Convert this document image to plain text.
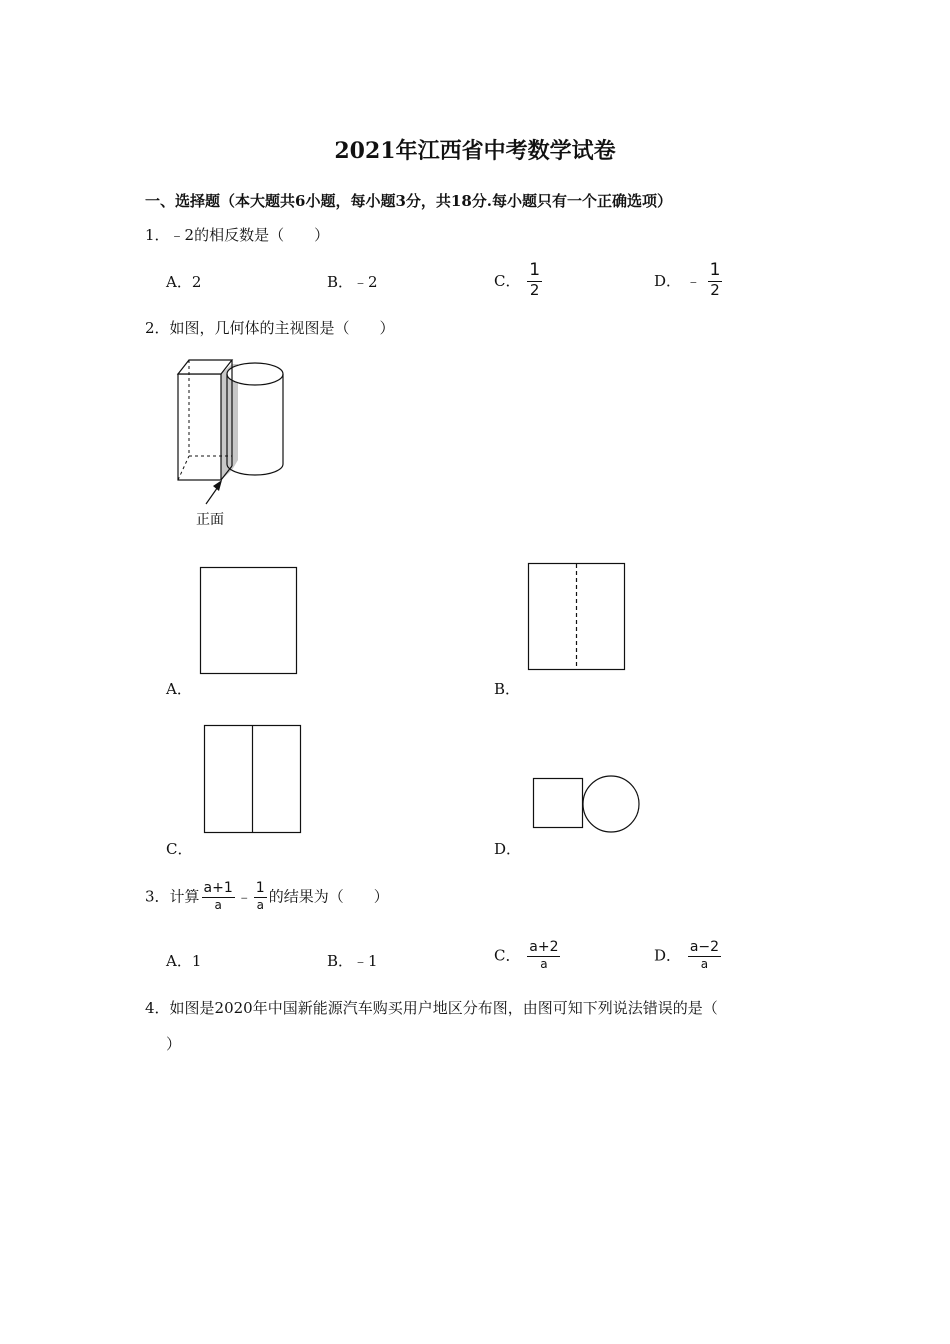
2021年江西省中考数学试卷
一、选择题（本大题共6小题，每小题3分，共18分.每小题只有一个正确选项）
1．﹣2的相反数是（　　）
A．2	B．﹣2	C． $\frac{1}{2}$	D． ﹣ $\frac{1}{2}$
2．如图，几何体的主视图是（　　）
正面
A．	B．
C．	D．
3．计算 $\frac{a+1}{a}$ ﹣ $\frac{1}{a}$ 的结果为（　　）
A．1	B．﹣1	C． $\frac{a+2}{a}$	D． $\frac{a-2}{a}$
4．如图是2020年中国新能源汽车购买用户地区分布图，由图可知下列说法错误的是（
）
